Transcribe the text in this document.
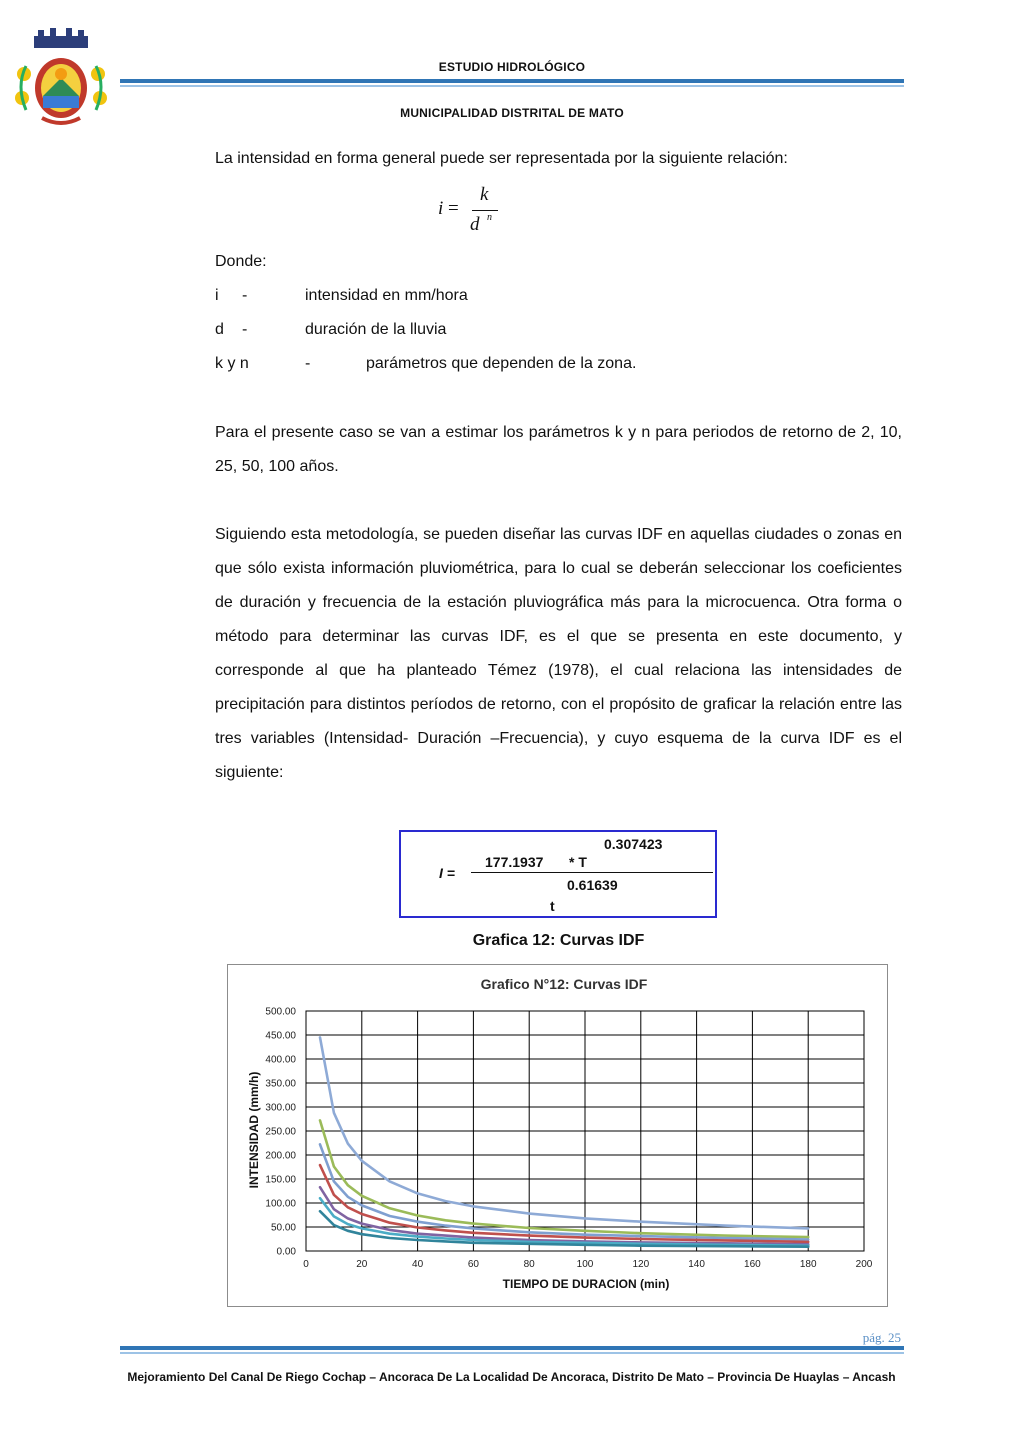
ESTUDIO HIDROLÓGICO
MUNICIPALIDAD DISTRITAL DE MATO
La intensidad en forma general puede ser representada por la siguiente relación:
i =
k
d n
Donde:
i -	intensidad en mm/hora
d -	duración de la lluvia
k y n	-	parámetros que dependen de la zona.
Para el presente caso se van a estimar los parámetros k y n para periodos de retorno de 2, 10, 25, 50, 100 años.
Siguiendo esta metodología, se pueden diseñar las curvas IDF en aquellas ciudades o zonas en que sólo exista información pluviométrica, para lo cual se deberán seleccionar los coeficientes de duración y frecuencia de la estación pluviográfica más para la microcuenca. Otra forma o método para determinar las curvas IDF, es el que se presenta en este documento, y corresponde al que ha planteado Témez (1978), el cual relaciona las intensidades de precipitación para distintos períodos de retorno, con el propósito de graficar la relación entre las tres variables (Intensidad- Duración –Frecuencia), y cuyo esquema de la curva IDF es el siguiente:
0.307423
177.1937 * T
I =
0.61639
t
Grafica 12: Curvas IDF
Grafico N°12: Curvas IDF
TIEMPO DE DURACION (min)
INTENSIDAD (mm/h)
0	20	40	60	80	100	120	140	160	180	200
0.00
50.00
100.00
150.00
200.00
250.00
300.00
350.00
400.00
450.00
500.00
pág. 25
Mejoramiento Del Canal De Riego Cochap – Ancoraca De La Localidad De Ancoraca, Distrito De Mato – Provincia De Huaylas – Ancash
